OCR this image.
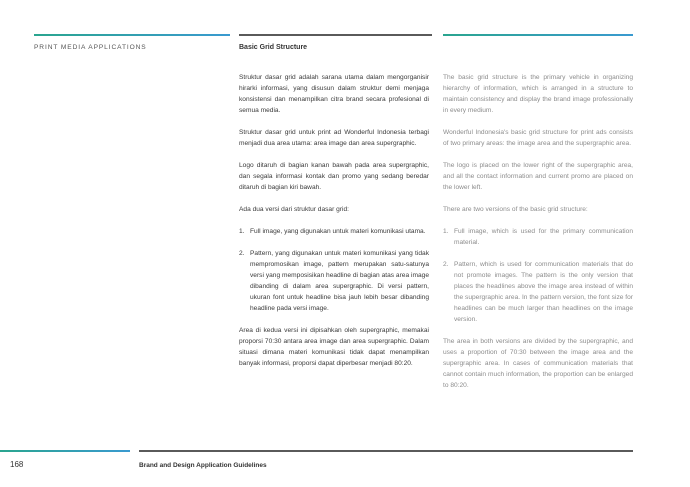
PRINT MEDIA APPLICATIONS	Basic Grid Structure

Struktur dasar grid adalah sarana utama dalam mengorganisir hirarki informasi, yang disusun dalam struktur demi menjaga konsistensi dan menampilkan citra brand secara profesional di semua media.

Struktur dasar grid untuk print ad Wonderful Indonesia terbagi menjadi dua area utama: area image dan area supergraphic.

Logo ditaruh di bagian kanan bawah pada area supergraphic, dan segala informasi kontak dan promo yang sedang beredar ditaruh di bagian kiri bawah.

Ada dua versi dari struktur dasar grid:

1. Full image, yang digunakan untuk materi komunikasi utama.
2. Pattern, yang digunakan untuk materi komunikasi yang tidak mempromosikan image, pattern merupakan satu-satunya versi yang memposisikan headline di bagian atas area image dibanding di dalam area supergraphic. Di versi pattern, ukuran font untuk headline bisa jauh lebih besar dibanding headline pada versi image.

Area di kedua versi ini dipisahkan oleh supergraphic, memakai proporsi 70:30 antara area image dan area supergraphic. Dalam situasi dimana materi komunikasi tidak dapat menampilkan banyak informasi, proporsi dapat diperbesar menjadi 80:20.

The basic grid structure is the primary vehicle in organizing hierarchy of information, which is arranged in a structure to maintain consistency and display the brand image professionally in every medium.

Wonderful Indonesia's basic grid structure for print ads consists of two primary areas: the image area and the supergraphic area.

The logo is placed on the lower right of the supergraphic area, and all the contact information and current promo are placed on the lower left.

There are two versions of the basic grid structure:

1. Full image, which is used for the primary communication material.
2. Pattern, which is used for communication materials that do not promote images. The pattern is the only version that places the headlines above the image area instead of within the supergraphic area. In the pattern version, the font size for headlines can be much larger than headlines on the image version.

The area in both versions are divided by the supergraphic, and uses a proportion of 70:30 between the image area and the supergraphic area. In cases of communication materials that cannot contain much information, the proportion can be enlarged to 80:20.

168	Brand and Design Application Guidelines
